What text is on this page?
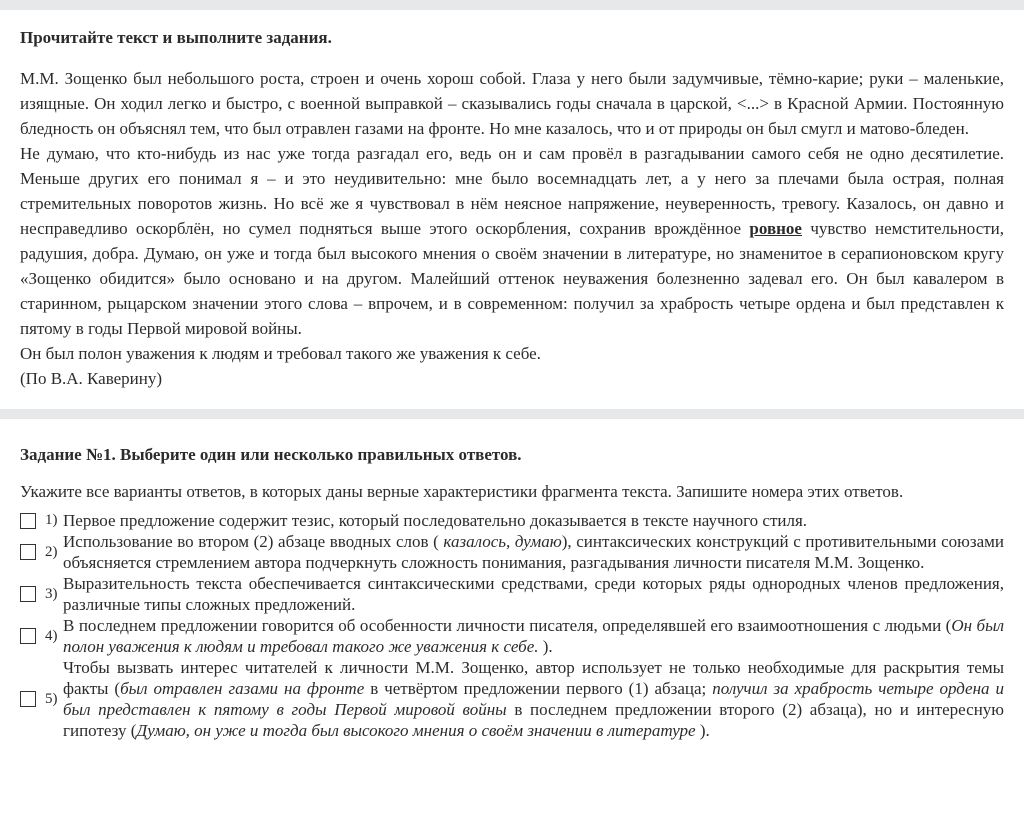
Прочитайте текст и выполните задания.

М.М. Зощенко был небольшого роста, строен и очень хорош собой. Глаза у него были задумчивые, тёмно-карие; руки – маленькие, изящные. Он ходил легко и быстро, с военной выправкой – сказывались годы сначала в царской, <...> в Красной Армии. Постоянную бледность он объяснял тем, что был отравлен газами на фронте. Но мне казалось, что и от природы он был смугл и матово-бледен.

Не думаю, что кто-нибудь из нас уже тогда разгадал его, ведь он и сам провёл в разгадывании самого себя не одно десятилетие. Меньше других его понимал я – и это неудивительно: мне было восемнадцать лет, а у него за плечами была острая, полная стремительных поворотов жизнь. Но всё же я чувствовал в нём неясное напряжение, неуверенность, тревогу. Казалось, он давно и несправедливо оскорблён, но сумел подняться выше этого оскорбления, сохранив врождённое ровное чувство немстительности, радушия, добра. Думаю, он уже и тогда был высокого мнения о своём значении в литературе, но знаменитое в серапионовском кругу «Зощенко обидится» было основано и на другом. Малейший оттенок неуважения болезненно задевал его. Он был кавалером в старинном, рыцарском значении этого слова – впрочем, и в современном: получил за храбрость четыре ордена и был представлен к пятому в годы Первой мировой войны.

Он был полон уважения к людям и требовал такого же уважения к себе.

(По В.А. Каверину)

Задание №1. Выберите один или несколько правильных ответов.
Укажите все варианты ответов, в которых даны верные характеристики фрагмента текста. Запишите номера этих ответов.
1) Первое предложение содержит тезис, который последовательно доказывается в тексте научного стиля.
2)
Использование во втором (2) абзаце вводных слов ( казалось, думаю), синтаксических конструкций с противительными союзами объясняется стремлением автора подчеркнуть сложность понимания, разгадывания личности писателя М.М. Зощенко.
3)
Выразительность текста обеспечивается синтаксическими средствами, среди которых ряды однородных членов предложения, различные типы сложных предложений.
4)
В последнем предложении говорится об особенности личности писателя, определявшей его взаимоотношения с людьми (Он был полон уважения к людям и требовал такого же уважения к себе. ).
5)
Чтобы вызвать интерес читателей к личности М.М. Зощенко, автор использует не только необходимые для раскрытия темы факты (был отравлен газами на фронте в четвёртом предложении первого (1) абзаца; получил за храбрость четыре ордена и был представлен к пятому в годы Первой мировой войны в последнем предложении второго (2) абзаца), но и интересную гипотезу (Думаю, он уже и тогда был высокого мнения о своём значении в литературе ).
